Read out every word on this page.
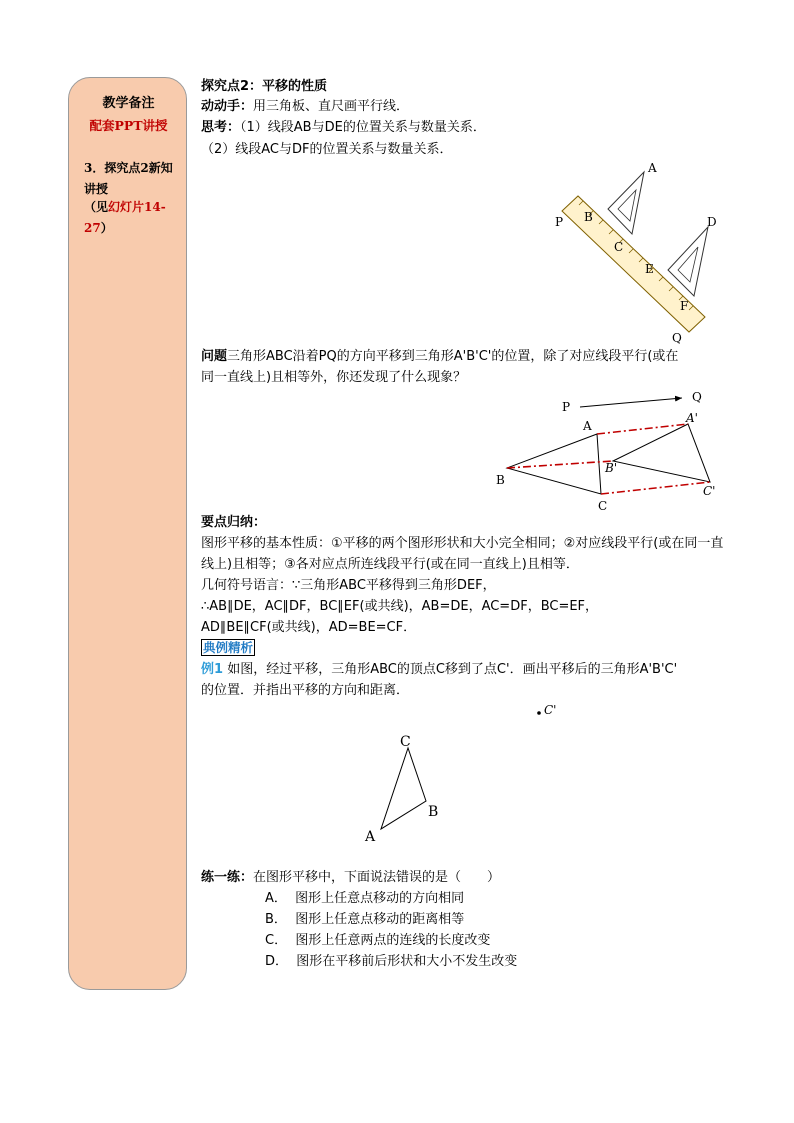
教学备注
配套PPT讲授
3．探究点2新知讲授
（见幻灯片14-27）
探究点2：平移的性质
动动手：用三角板、直尺画平行线．
思考：（1）线段AB与DE的位置关系与数量关系．
（2）线段AC与DF的位置关系与数量关系．
A
B
C
D
E
F
P
Q
问题三角形ABC沿着PQ的方向平移到三角形A'B'C'的位置，除了对应线段平行(或在
同一直线上)且相等外，你还发现了什么现象？
P
Q
A
B
C
A'
B'
C'
要点归纳：
图形平移的基本性质：①平移的两个图形形状和大小完全相同；②对应线段平行(或在同一直
线上)且相等；③各对应点所连线段平行(或在同一直线上)且相等．
几何符号语言：∵三角形ABC平移得到三角形DEF，
∴AB∥DE，AC∥DF，BC∥EF(或共线)，AB=DE，AC=DF，BC=EF，
AD∥BE∥CF(或共线)，AD=BE=CF．
典例精析
例1 如图，经过平移，三角形ABC的顶点C移到了点C'．画出平移后的三角形A'B'C'
的位置．并指出平移的方向和距离．
C'
C
A
B
练一练：在图形平移中，下面说法错误的是（　　）
A． 图形上任意点移动的方向相同
B． 图形上任意点移动的距离相等
C． 图形上任意两点的连线的长度改变
D． 图形在平移前后形状和大小不发生改变
